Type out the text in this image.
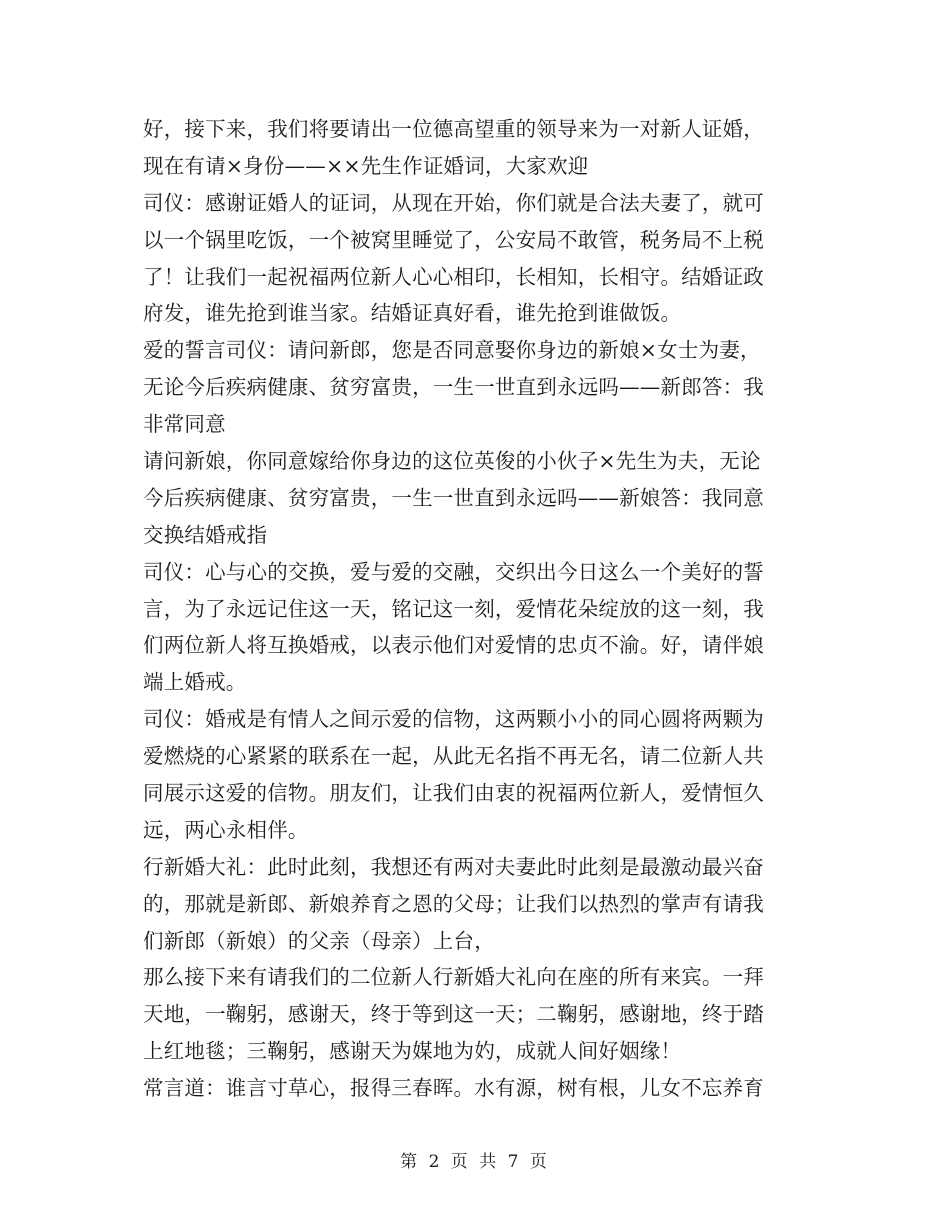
好，接下来，我们将要请出一位德高望重的领导来为一对新人证婚，
现在有请×身份——××先生作证婚词，大家欢迎
司仪：感谢证婚人的证词，从现在开始，你们就是合法夫妻了，就可
以一个锅里吃饭，一个被窝里睡觉了，公安局不敢管，税务局不上税
了！让我们一起祝福两位新人心心相印，长相知，长相守。结婚证政
府发，谁先抢到谁当家。结婚证真好看，谁先抢到谁做饭。
爱的誓言司仪：请问新郎，您是否同意娶你身边的新娘×女士为妻，
无论今后疾病健康、贫穷富贵，一生一世直到永远吗——新郎答：我
非常同意
请问新娘，你同意嫁给你身边的这位英俊的小伙子×先生为夫，无论
今后疾病健康、贫穷富贵，一生一世直到永远吗——新娘答：我同意
交换结婚戒指
司仪：心与心的交换，爱与爱的交融，交织出今日这么一个美好的誓
言，为了永远记住这一天，铭记这一刻，爱情花朵绽放的这一刻，我
们两位新人将互换婚戒，以表示他们对爱情的忠贞不渝。好，请伴娘
端上婚戒。
司仪：婚戒是有情人之间示爱的信物，这两颗小小的同心圆将两颗为
爱燃烧的心紧紧的联系在一起，从此无名指不再无名，请二位新人共
同展示这爱的信物。朋友们，让我们由衷的祝福两位新人，爱情恒久
远，两心永相伴。
行新婚大礼：此时此刻，我想还有两对夫妻此时此刻是最激动最兴奋
的，那就是新郎、新娘养育之恩的父母；让我们以热烈的掌声有请我
们新郎（新娘）的父亲（母亲）上台，
那么接下来有请我们的二位新人行新婚大礼向在座的所有来宾。一拜
天地，一鞠躬，感谢天，终于等到这一天；二鞠躬，感谢地，终于踏
上红地毯；三鞠躬，感谢天为媒地为妁，成就人间好姻缘！
常言道：谁言寸草心，报得三春晖。水有源，树有根，儿女不忘养育
第 2 页 共 7 页
